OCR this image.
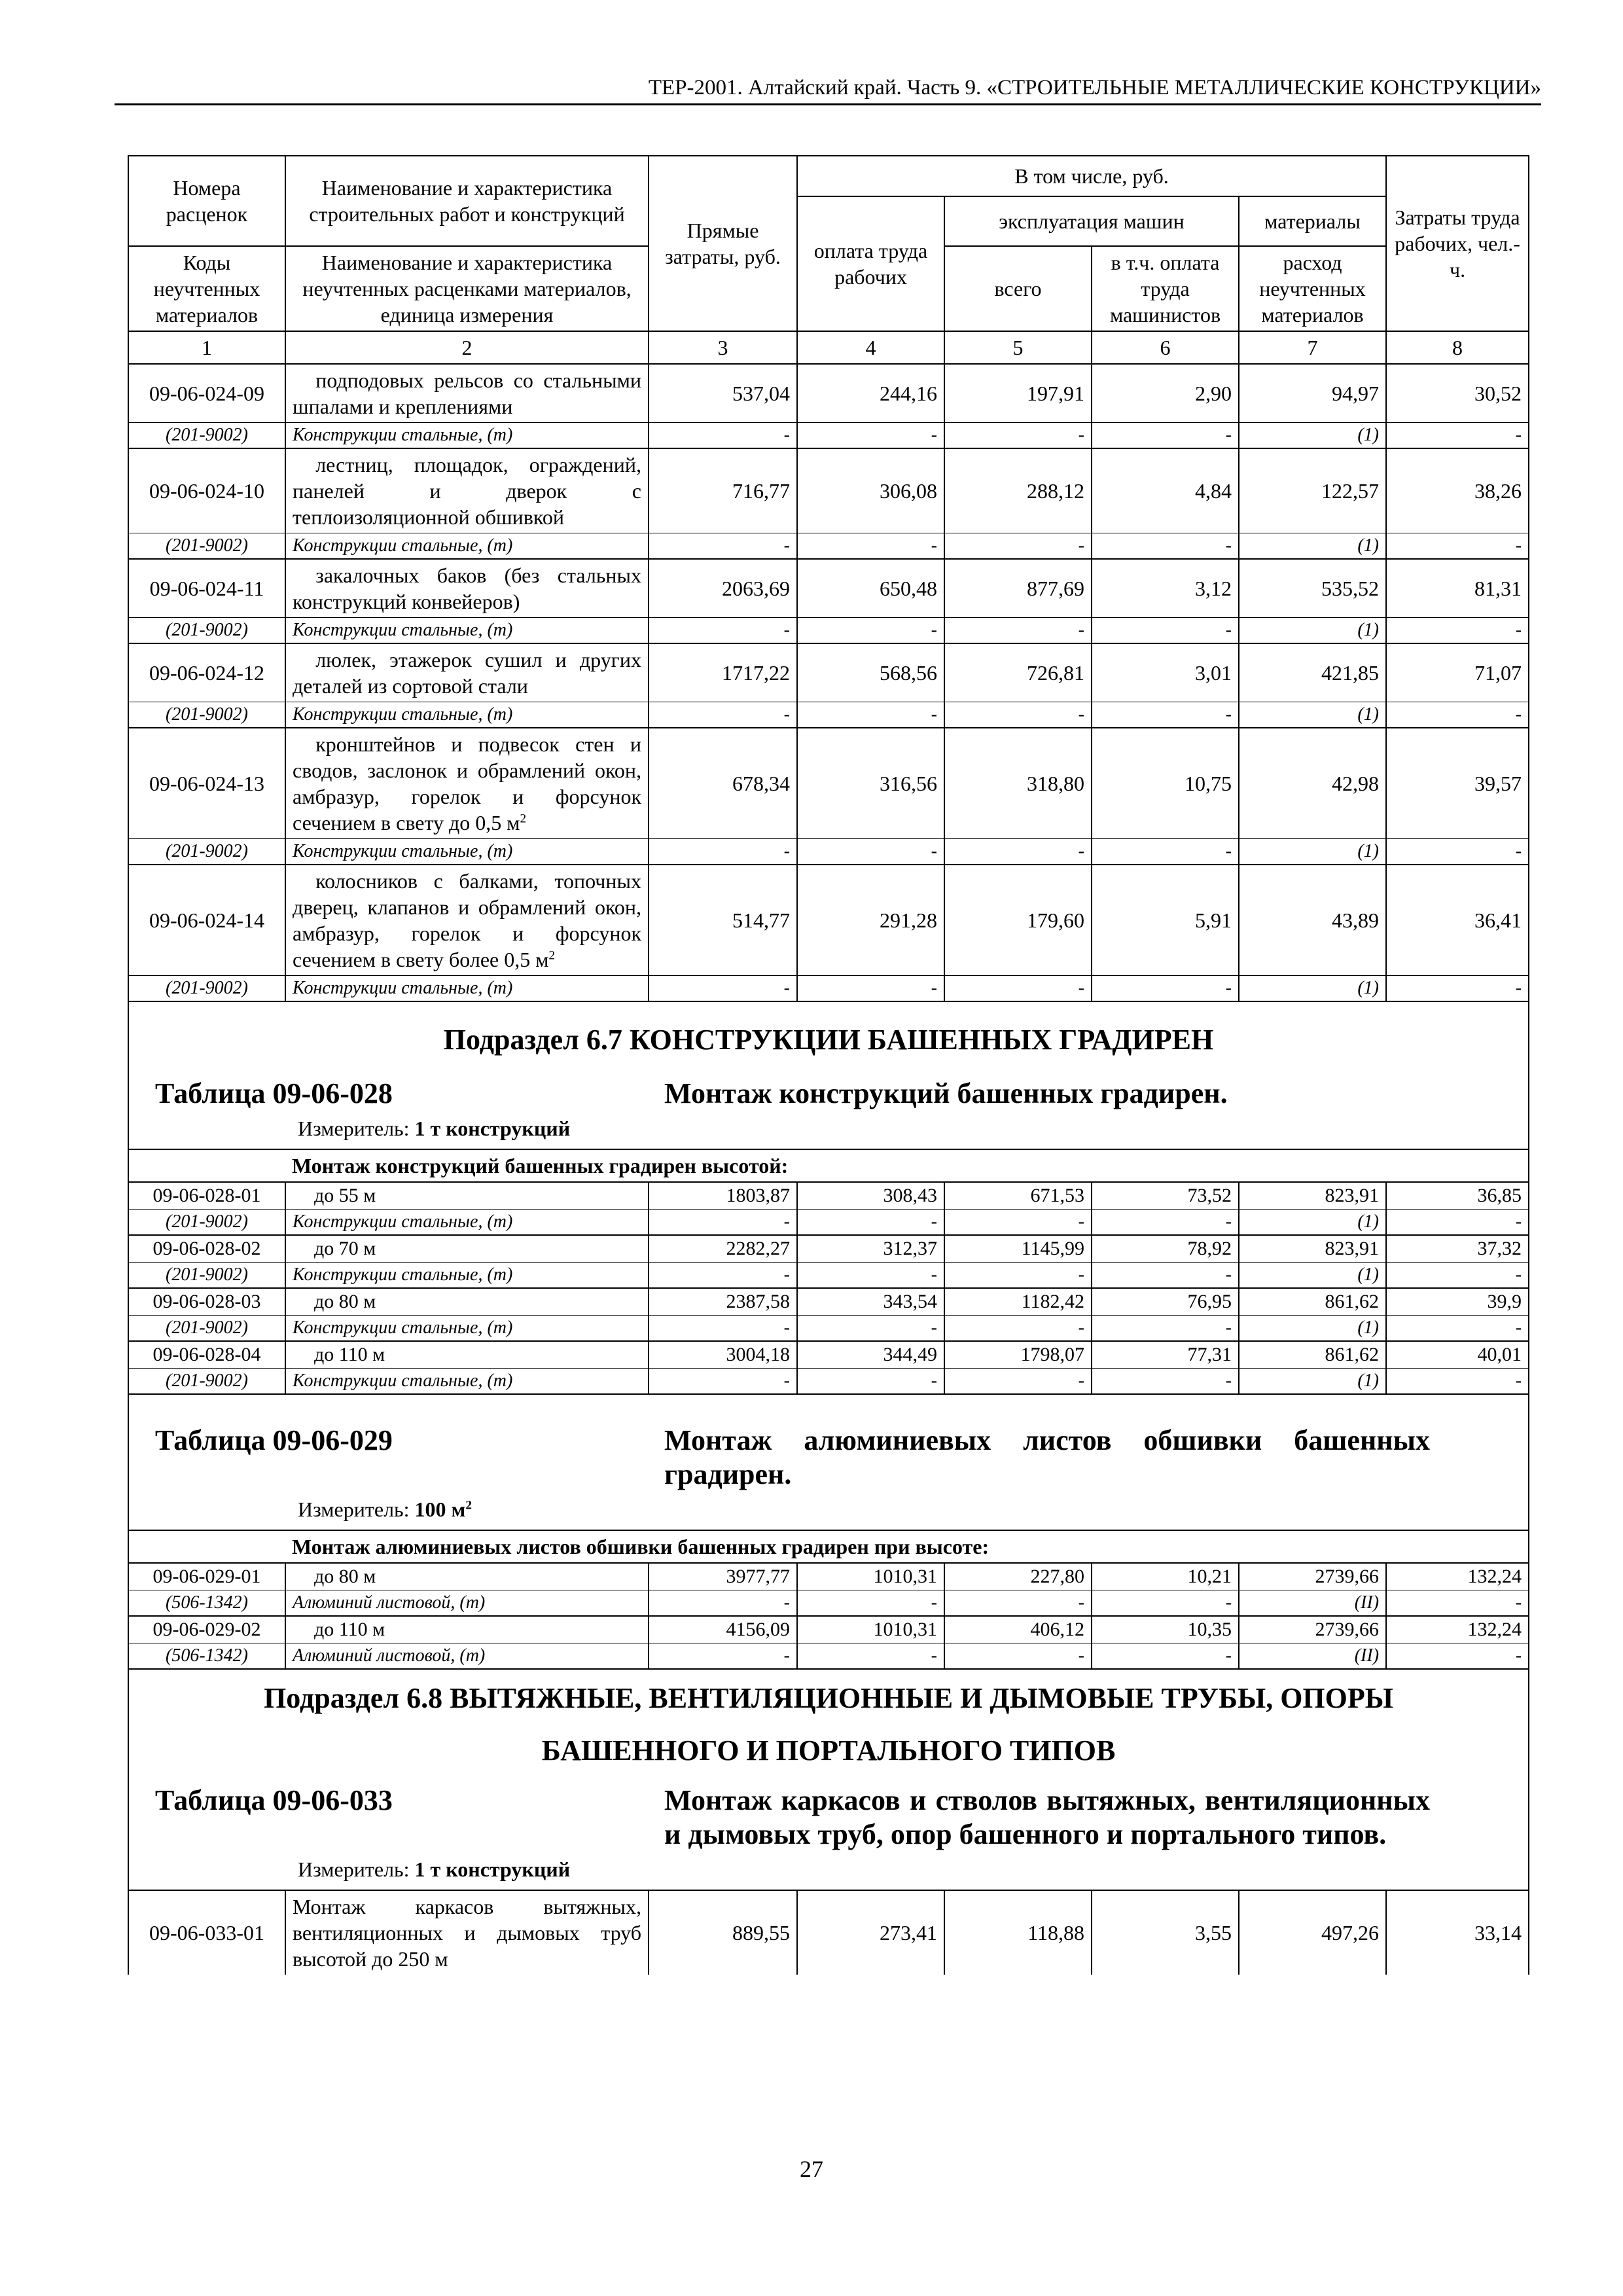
ТЕР-2001. Алтайский край. Часть 9. «СТРОИТЕЛЬНЫЕ МЕТАЛЛИЧЕСКИЕ КОНСТРУКЦИИ»
Номера расценок	Наименование и характеристика строительных работ и конструкций	Прямые затраты, руб.	В том числе, руб.				Затраты труда рабочих, чел.-ч.
			оплата труда рабочих	эксплуатация машин		материалы	
Коды неучтенных материалов	Наименование и характеристика неучтенных расценками материалов, единица измерения			всего	в т.ч. оплата труда машинистов	расход неучтенных материалов	
1	2	3	4	5	6	7	8
09-06-024-09	подподовых рельсов со стальными шпалами и креплениями	537,04	244,16	197,91	2,90	94,97	30,52
(201-9002)	Конструкции стальные, (т)	-	-	-	-	(1)	-
09-06-024-10	лестниц, площадок, ограждений, панелей и дверок с теплоизоляционной обшивкой	716,77	306,08	288,12	4,84	122,57	38,26
(201-9002)	Конструкции стальные, (т)	-	-	-	-	(1)	-
09-06-024-11	закалочных баков (без стальных конструкций конвейеров)	2063,69	650,48	877,69	3,12	535,52	81,31
(201-9002)	Конструкции стальные, (т)	-	-	-	-	(1)	-
09-06-024-12	люлек, этажерок сушил и других деталей из сортовой стали	1717,22	568,56	726,81	3,01	421,85	71,07
(201-9002)	Конструкции стальные, (т)	-	-	-	-	(1)	-
09-06-024-13	кронштейнов и подвесок стен и сводов, заслонок и обрамлений окон, амбразур, горелок и форсунок сечением в свету до 0,5 $м^2$	678,34	316,56	318,80	10,75	42,98	39,57
(201-9002)	Конструкции стальные, (т)	-	-	-	-	(1)	-
09-06-024-14	колосников с балками, топочных дверец, клапанов и обрамлений окон, амбразур, горелок и форсунок сечением в свету более 0,5 $м^2$	514,77	291,28	179,60	5,91	43,89	36,41
(201-9002)	Конструкции стальные, (т)	-	-	-	-	(1)	-

Подраздел 6.7 КОНСТРУКЦИИ БАШЕННЫХ ГРАДИРЕН
Таблица 09-06-028 Монтаж конструкций башенных градирен.
Измеритель: 1 т конструкций							

	Монтаж конструкций башенных градирен высотой:						
09-06-028-01	до 55 м	1803,87	308,43	671,53	73,52	823,91	36,85
(201-9002)	Конструкции стальные, (т)	-	-	-	-	(1)	-
09-06-028-02	до 70 м	2282,27	312,37	1145,99	78,92	823,91	37,32
(201-9002)	Конструкции стальные, (т)	-	-	-	-	(1)	-
09-06-028-03	до 80 м	2387,58	343,54	1182,42	76,95	861,62	39,9
(201-9002)	Конструкции стальные, (т)	-	-	-	-	(1)	-
09-06-028-04	до 110 м	3004,18	344,49	1798,07	77,31	861,62	40,01
(201-9002)	Конструкции стальные, (т)	-	-	-	-	(1)	-

Таблица 09-06-029 Монтаж алюминиевых листов обшивки башенных градирен.
Измеритель: 100 $м^2$

	Монтаж алюминиевых листов обшивки башенных градирен при высоте:						
09-06-029-01	до 80 м	3977,77	1010,31	227,80	10,21	2739,66	132,24
(506-1342)	Алюминий листовой, (т)	-	-	-	-	(II)	-
09-06-029-02	до 110 м	4156,09	1010,31	406,12	10,35	2739,66	132,24
(506-1342)	Алюминий листовой, (т)	-	-	-	-	(II)	-

Подраздел 6.8 ВЫТЯЖНЫЕ, ВЕНТИЛЯЦИОННЫЕ И ДЫМОВЫЕ ТРУБЫ, ОПОРЫ
БАШЕННОГО И ПОРТАЛЬНОГО ТИПОВ
Таблица 09-06-033 Монтаж каркасов и стволов вытяжных, вентиляционных и дымовых труб, опор башенного и портального типов.
Измеритель: 1 т конструкций							

09-06-033-01	Монтаж каркасов вытяжных, вентиляционных и дымовых труб высотой до 250 м	889,55	273,41	118,88	3,55	497,26	33,14
27
